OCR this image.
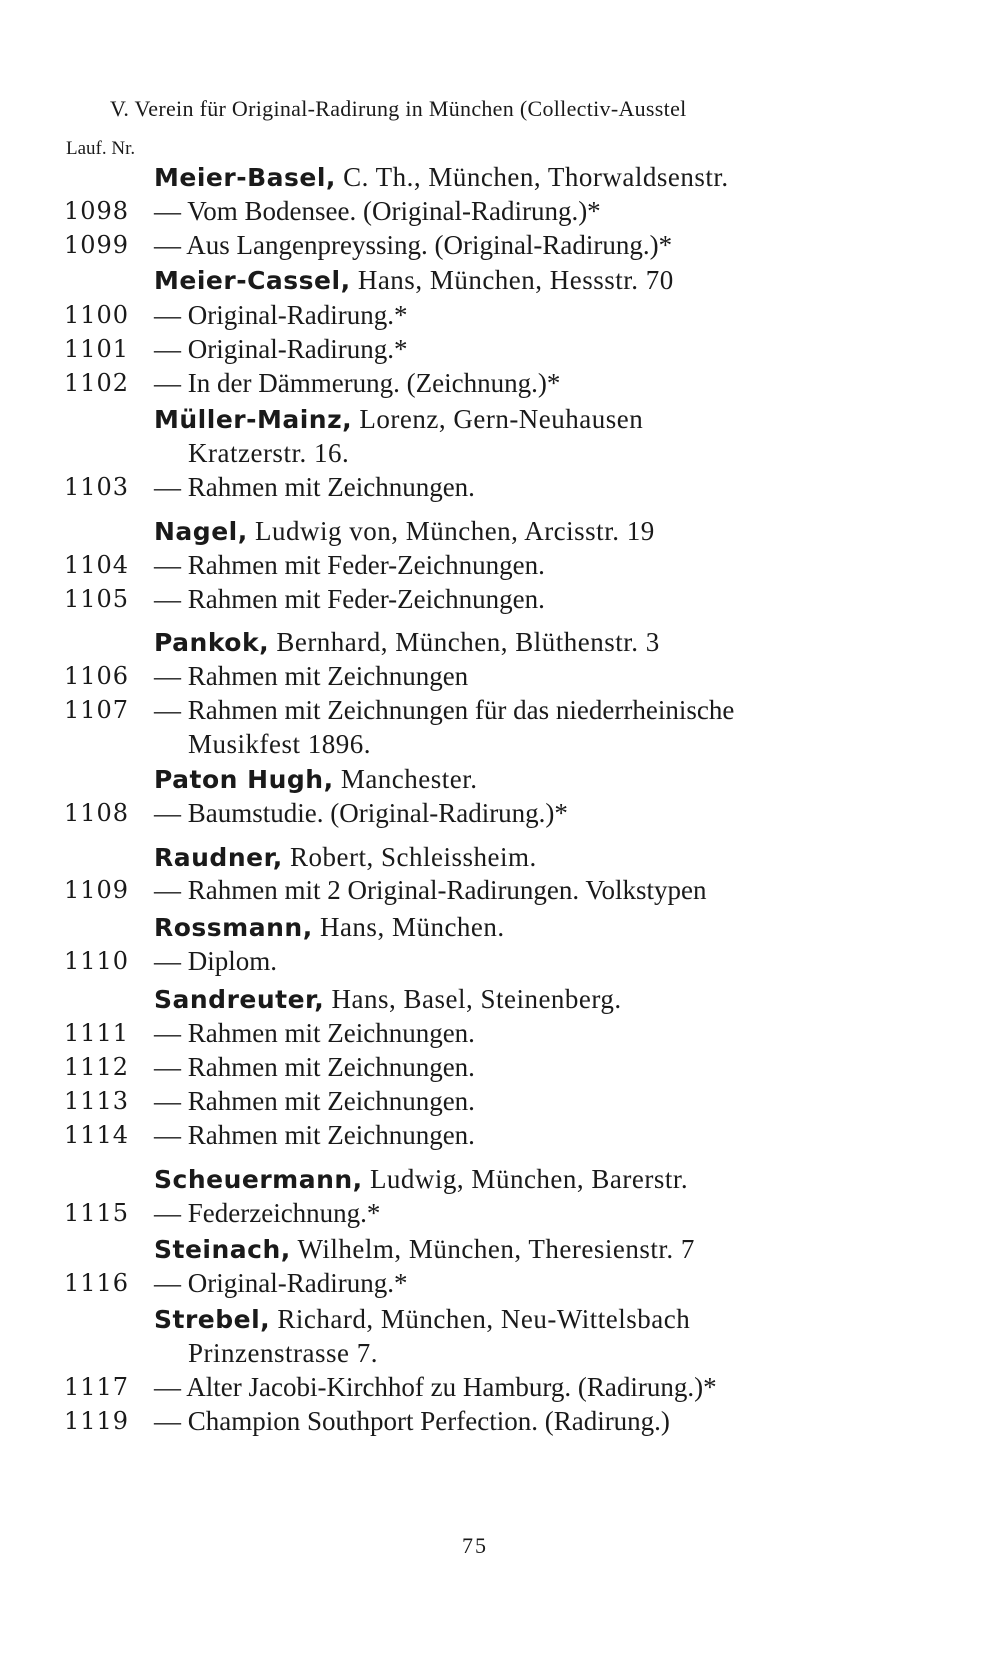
V. Verein für Original-Radirung in München (Collectiv-Ausstel
Lauf. Nr.
Meier-Basel, C. Th., München, Thorwaldsenstr.
1098 — Vom Bodensee. (Original-Radirung.)*
1099 — Aus Langenpreyssing. (Original-Radirung.)*
Meier-Cassel, Hans, München, Hessstr. 70
1100 — Original-Radirung.*
1101 — Original-Radirung.*
1102 — In der Dämmerung. (Zeichnung.)*
Müller-Mainz, Lorenz, Gern-Neuhausen
Kratzerstr. 16.
1103 — Rahmen mit Zeichnungen.
Nagel, Ludwig von, München, Arcisstr. 19
1104 — Rahmen mit Feder-Zeichnungen.
1105 — Rahmen mit Feder-Zeichnungen.
Pankok, Bernhard, München, Blüthenstr. 3
1106 — Rahmen mit Zeichnungen
1107 — Rahmen mit Zeichnungen für das niederrheinische
Musikfest 1896.
Paton Hugh, Manchester.
1108 — Baumstudie. (Original-Radirung.)*
Raudner, Robert, Schleissheim.
1109 — Rahmen mit 2 Original-Radirungen. Volkstypen
Rossmann, Hans, München.
1110 — Diplom.
Sandreuter, Hans, Basel, Steinenberg.
1111 — Rahmen mit Zeichnungen.
1112 — Rahmen mit Zeichnungen.
1113 — Rahmen mit Zeichnungen.
1114 — Rahmen mit Zeichnungen.
Scheuermann, Ludwig, München, Barerstr.
1115 — Federzeichnung.*
Steinach, Wilhelm, München, Theresienstr. 7
1116 — Original-Radirung.*
Strebel, Richard, München, Neu-Wittelsbach
Prinzenstrasse 7.
1117 — Alter Jacobi-Kirchhof zu Hamburg. (Radirung.)*
1119 — Champion Southport Perfection. (Radirung.)
75
